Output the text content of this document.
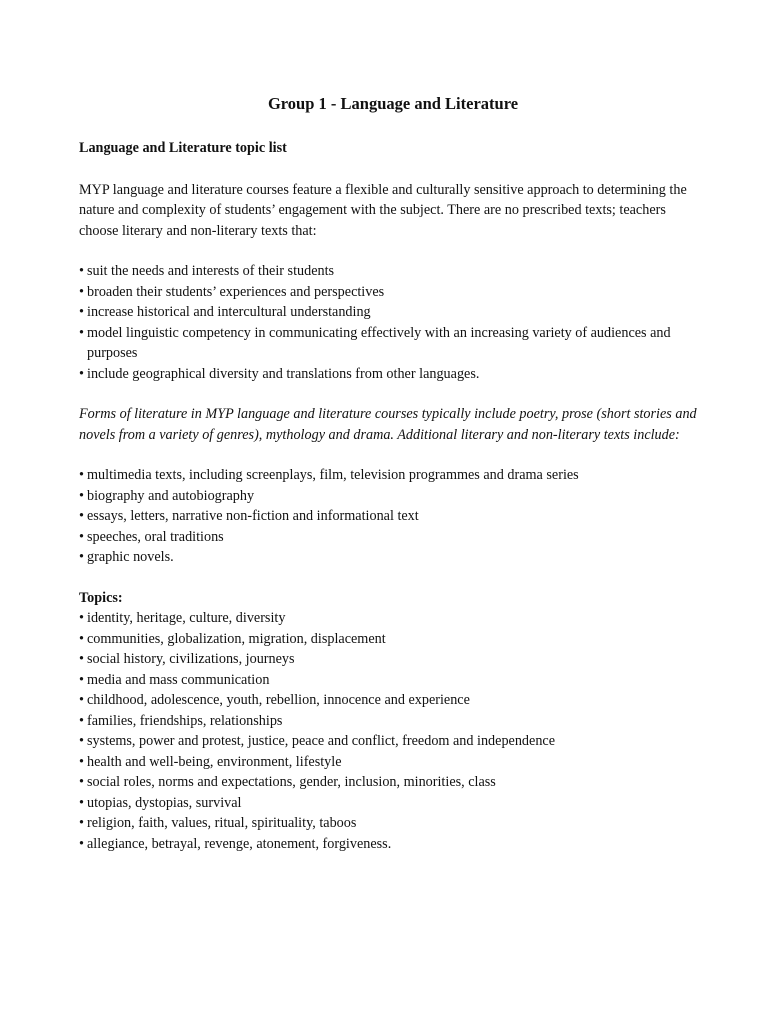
Group 1 - Language and Literature
Language and Literature topic list
MYP language and literature courses feature a flexible and culturally sensitive approach to determining the nature and complexity of students’ engagement with the subject. There are no prescribed texts; teachers choose literary and non-literary texts that:
• suit the needs and interests of their students
• broaden their students’ experiences and perspectives
• increase historical and intercultural understanding
• model linguistic competency in communicating effectively with an increasing variety of audiences and purposes
• include geographical diversity and translations from other languages.
Forms of literature in MYP language and literature courses typically include poetry, prose (short stories and novels from a variety of genres), mythology and drama. Additional literary and non-literary texts include:
• multimedia texts, including screenplays, film, television programmes and drama series
• biography and autobiography
• essays, letters, narrative non-fiction and informational text
• speeches, oral traditions
• graphic novels.
Topics:
• identity, heritage, culture, diversity
• communities, globalization, migration, displacement
• social history, civilizations, journeys
• media and mass communication
• childhood, adolescence, youth, rebellion, innocence and experience
• families, friendships, relationships
• systems, power and protest, justice, peace and conflict, freedom and independence
• health and well-being, environment, lifestyle
• social roles, norms and expectations, gender, inclusion, minorities, class
• utopias, dystopias, survival
• religion, faith, values, ritual, spirituality, taboos
• allegiance, betrayal, revenge, atonement, forgiveness.
